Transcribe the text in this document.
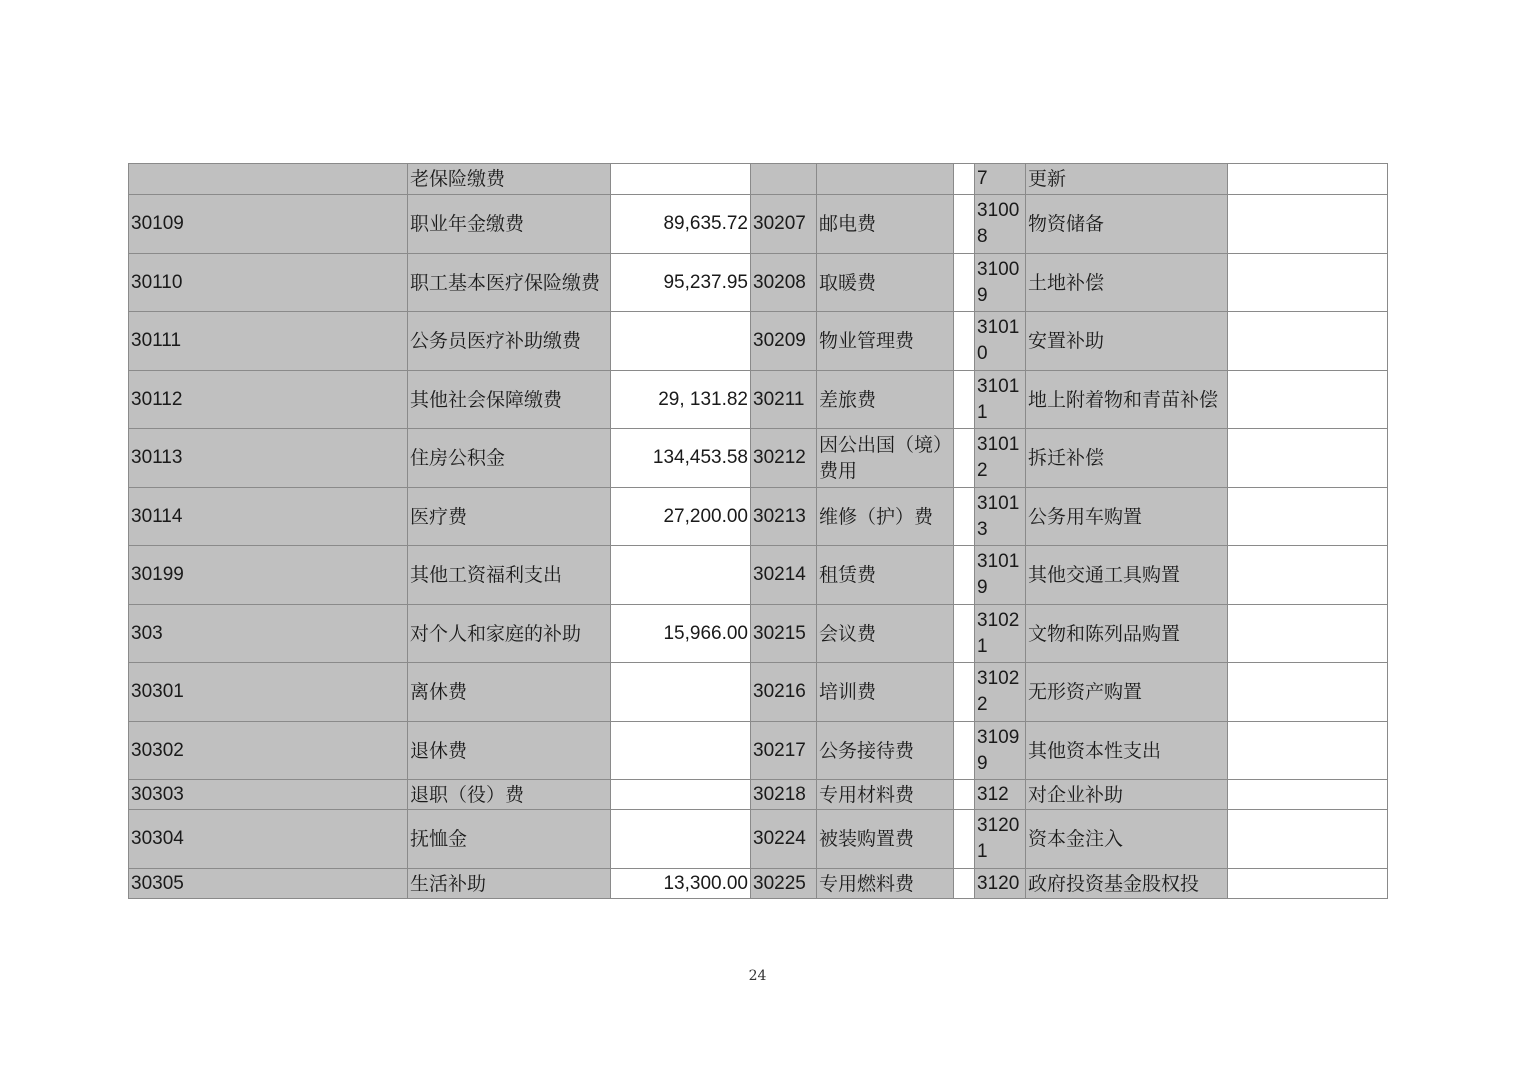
	老保险缴费					7	更新	
30109	职业年金缴费	89,635.72	30207	邮电费		31008	物资储备	
30110	职工基本医疗保险缴费	95,237.95	30208	取暖费		31009	土地补偿	
30111	公务员医疗补助缴费		30209	物业管理费		31010	安置补助	
30112	其他社会保障缴费	29, 131.82	30211	差旅费		31011	地上附着物和青苗补偿	
30113	住房公积金	134,453.58	30212	因公出国（境）费用		31012	拆迁补偿	
30114	医疗费	27,200.00	30213	维修（护）费		31013	公务用车购置	
30199	其他工资福利支出		30214	租赁费		31019	其他交通工具购置	
303	对个人和家庭的补助	15,966.00	30215	会议费		31021	文物和陈列品购置	
30301	离休费		30216	培训费		31022	无形资产购置	
30302	退休费		30217	公务接待费		31099	其他资本性支出	
30303	退职（役）费		30218	专用材料费		312	对企业补助	
30304	抚恤金		30224	被装购置费		31201	资本金注入	
30305	生活补助	13,300.00	30225	专用燃料费		3120	政府投资基金股权投	
24
